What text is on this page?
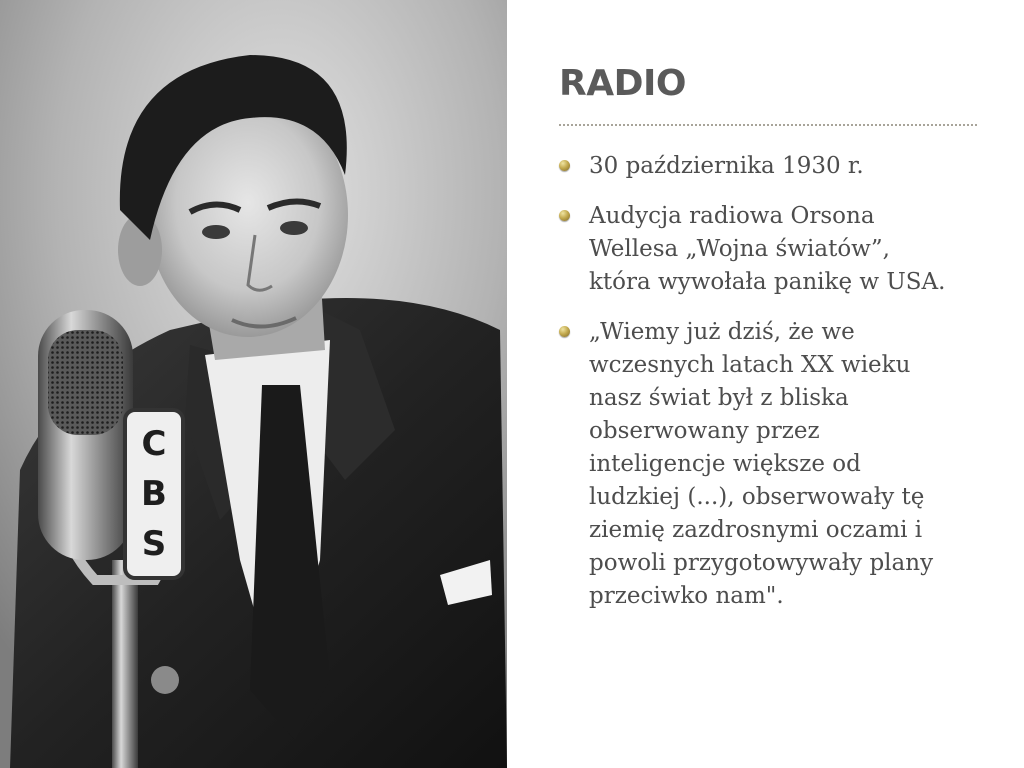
C
B
S
RADIO
30 października 1930 r.
Audycja radiowa Orsona
Wellesa „Wojna światów”,
która wywołała panikę w USA.
„Wiemy już dziś, że we
wczesnych latach XX wieku
nasz świat był z bliska
obserwowany przez
inteligencje większe od
ludzkiej (...), obserwowały tę
ziemię zazdrosnymi oczami i
powoli przygotowywały plany
przeciwko nam".
